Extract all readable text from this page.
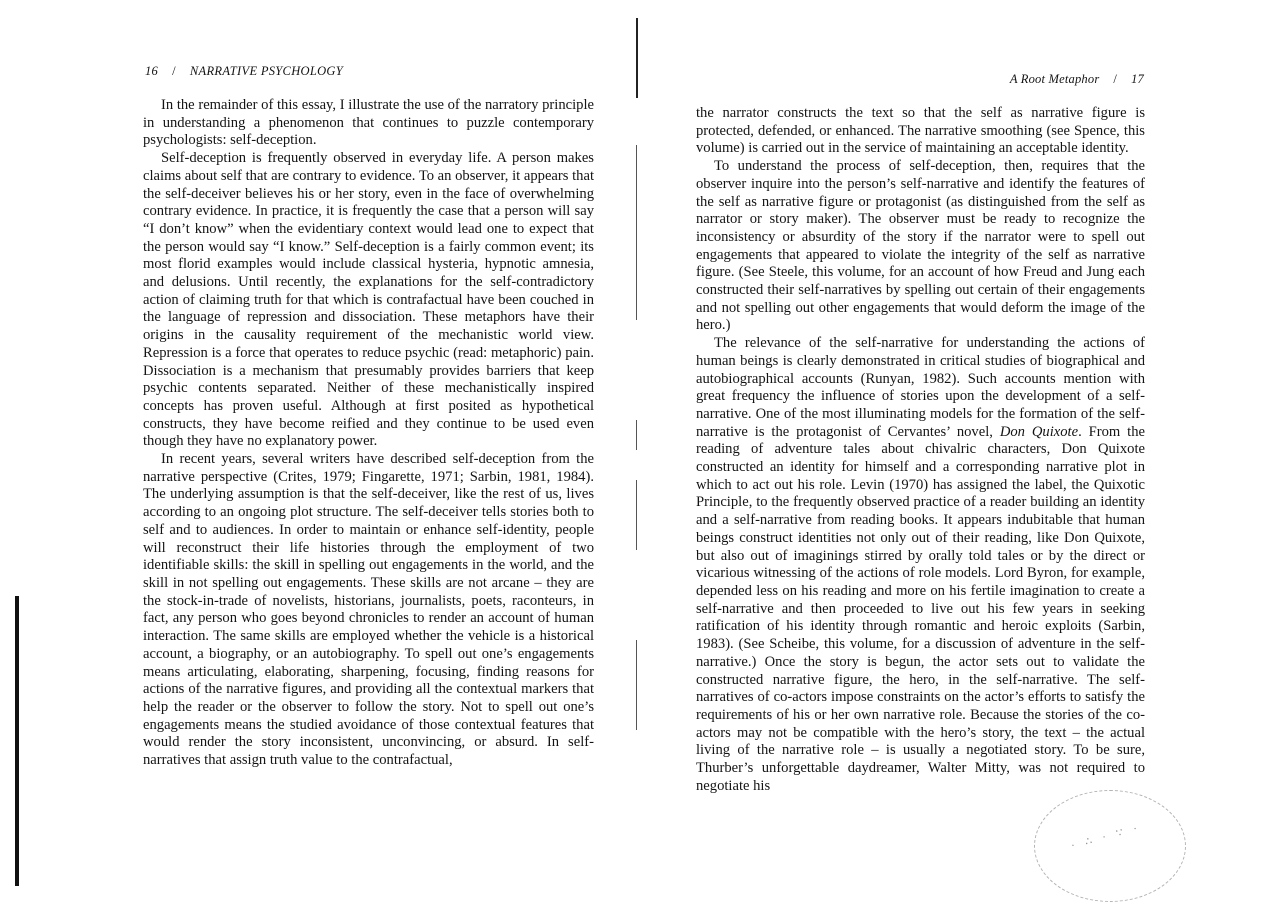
16 / NARRATIVE PSYCHOLOGY

In the remainder of this essay, I illustrate the use of the narratory principle in understanding a phenomenon that continues to puzzle contemporary psychologists: self-deception.

Self-deception is frequently observed in everyday life. A person makes claims about self that are contrary to evidence. To an observer, it appears that the self-deceiver believes his or her story, even in the face of overwhelming contrary evidence. In practice, it is frequently the case that a person will say “I don’t know” when the evidentiary context would lead one to expect that the person would say “I know.” Self-deception is a fairly common event; its most florid examples would include classical hysteria, hypnotic amnesia, and delusions. Until recently, the explanations for the self-contradictory action of claiming truth for that which is contrafactual have been couched in the language of repression and dissociation. These metaphors have their origins in the causality requirement of the mechanistic world view. Repression is a force that operates to reduce psychic (read: metaphoric) pain. Dissociation is a mechanism that presumably provides barriers that keep psychic contents separated. Neither of these mechanistically inspired concepts has proven useful. Although at first posited as hypothetical constructs, they have become reified and they continue to be used even though they have no explanatory power.

In recent years, several writers have described self-deception from the narrative perspective (Crites, 1979; Fingarette, 1971; Sarbin, 1981, 1984). The underlying assumption is that the self-deceiver, like the rest of us, lives according to an ongoing plot structure. The self-deceiver tells stories both to self and to audiences. In order to maintain or enhance self-identity, people will reconstruct their life histories through the employment of two identifiable skills: the skill in spelling out engagements in the world, and the skill in not spelling out engagements. These skills are not arcane – they are the stock-in-trade of novelists, historians, journalists, poets, raconteurs, in fact, any person who goes beyond chronicles to render an account of human interaction. The same skills are employed whether the vehicle is a historical account, a biography, or an autobiography. To spell out one’s engagements means articulating, elaborating, sharpening, focusing, finding reasons for actions of the narrative figures, and providing all the contextual markers that help the reader or the observer to follow the story. Not to spell out one’s engagements means the studied avoidance of those contextual features that would render the story inconsistent, unconvincing, or absurd. In self-narratives that assign truth value to the contrafactual,

A Root Metaphor / 17

the narrator constructs the text so that the self as narrative figure is protected, defended, or enhanced. The narrative smoothing (see Spence, this volume) is carried out in the service of maintaining an acceptable identity.

To understand the process of self-deception, then, requires that the observer inquire into the person’s self-narrative and identify the features of the self as narrative figure or protagonist (as distinguished from the self as narrator or story maker). The observer must be ready to recognize the inconsistency or absurdity of the story if the narrator were to spell out engagements that appeared to violate the integrity of the self as narrative figure. (See Steele, this volume, for an account of how Freud and Jung each constructed their self-narratives by spelling out certain of their engagements and not spelling out other engagements that would deform the image of the hero.)

The relevance of the self-narrative for understanding the actions of human beings is clearly demonstrated in critical studies of biographical and autobiographical accounts (Runyan, 1982). Such accounts mention with great frequency the influence of stories upon the development of a self-narrative. One of the most illuminating models for the formation of the self-narrative is the protagonist of Cervantes’ novel, Don Quixote. From the reading of adventure tales about chivalric characters, Don Quixote constructed an identity for himself and a corresponding narrative plot in which to act out his role. Levin (1970) has assigned the label, the Quixotic Principle, to the frequently observed practice of a reader building an identity and a self-narrative from reading books. It appears indubitable that human beings construct identities not only out of their reading, like Don Quixote, but also out of imaginings stirred by orally told tales or by the direct or vicarious witnessing of the actions of role models. Lord Byron, for example, depended less on his reading and more on his fertile imagination to create a self-narrative and then proceeded to live out his few years in seeking ratification of his identity through romantic and heroic exploits (Sarbin, 1983). (See Scheibe, this volume, for a discussion of adventure in the self-narrative.) Once the story is begun, the actor sets out to validate the constructed narrative figure, the hero, in the self-narrative. The self-narratives of co-actors impose constraints on the actor’s efforts to satisfy the requirements of his or her own narrative role. Because the stories of the co-actors may not be compatible with the hero’s story, the text – the actual living of the narrative role – is usually a negotiated story. To be sure, Thurber’s unforgettable daydreamer, Walter Mitty, was not required to negotiate his

· ∴ · ∵ ·
